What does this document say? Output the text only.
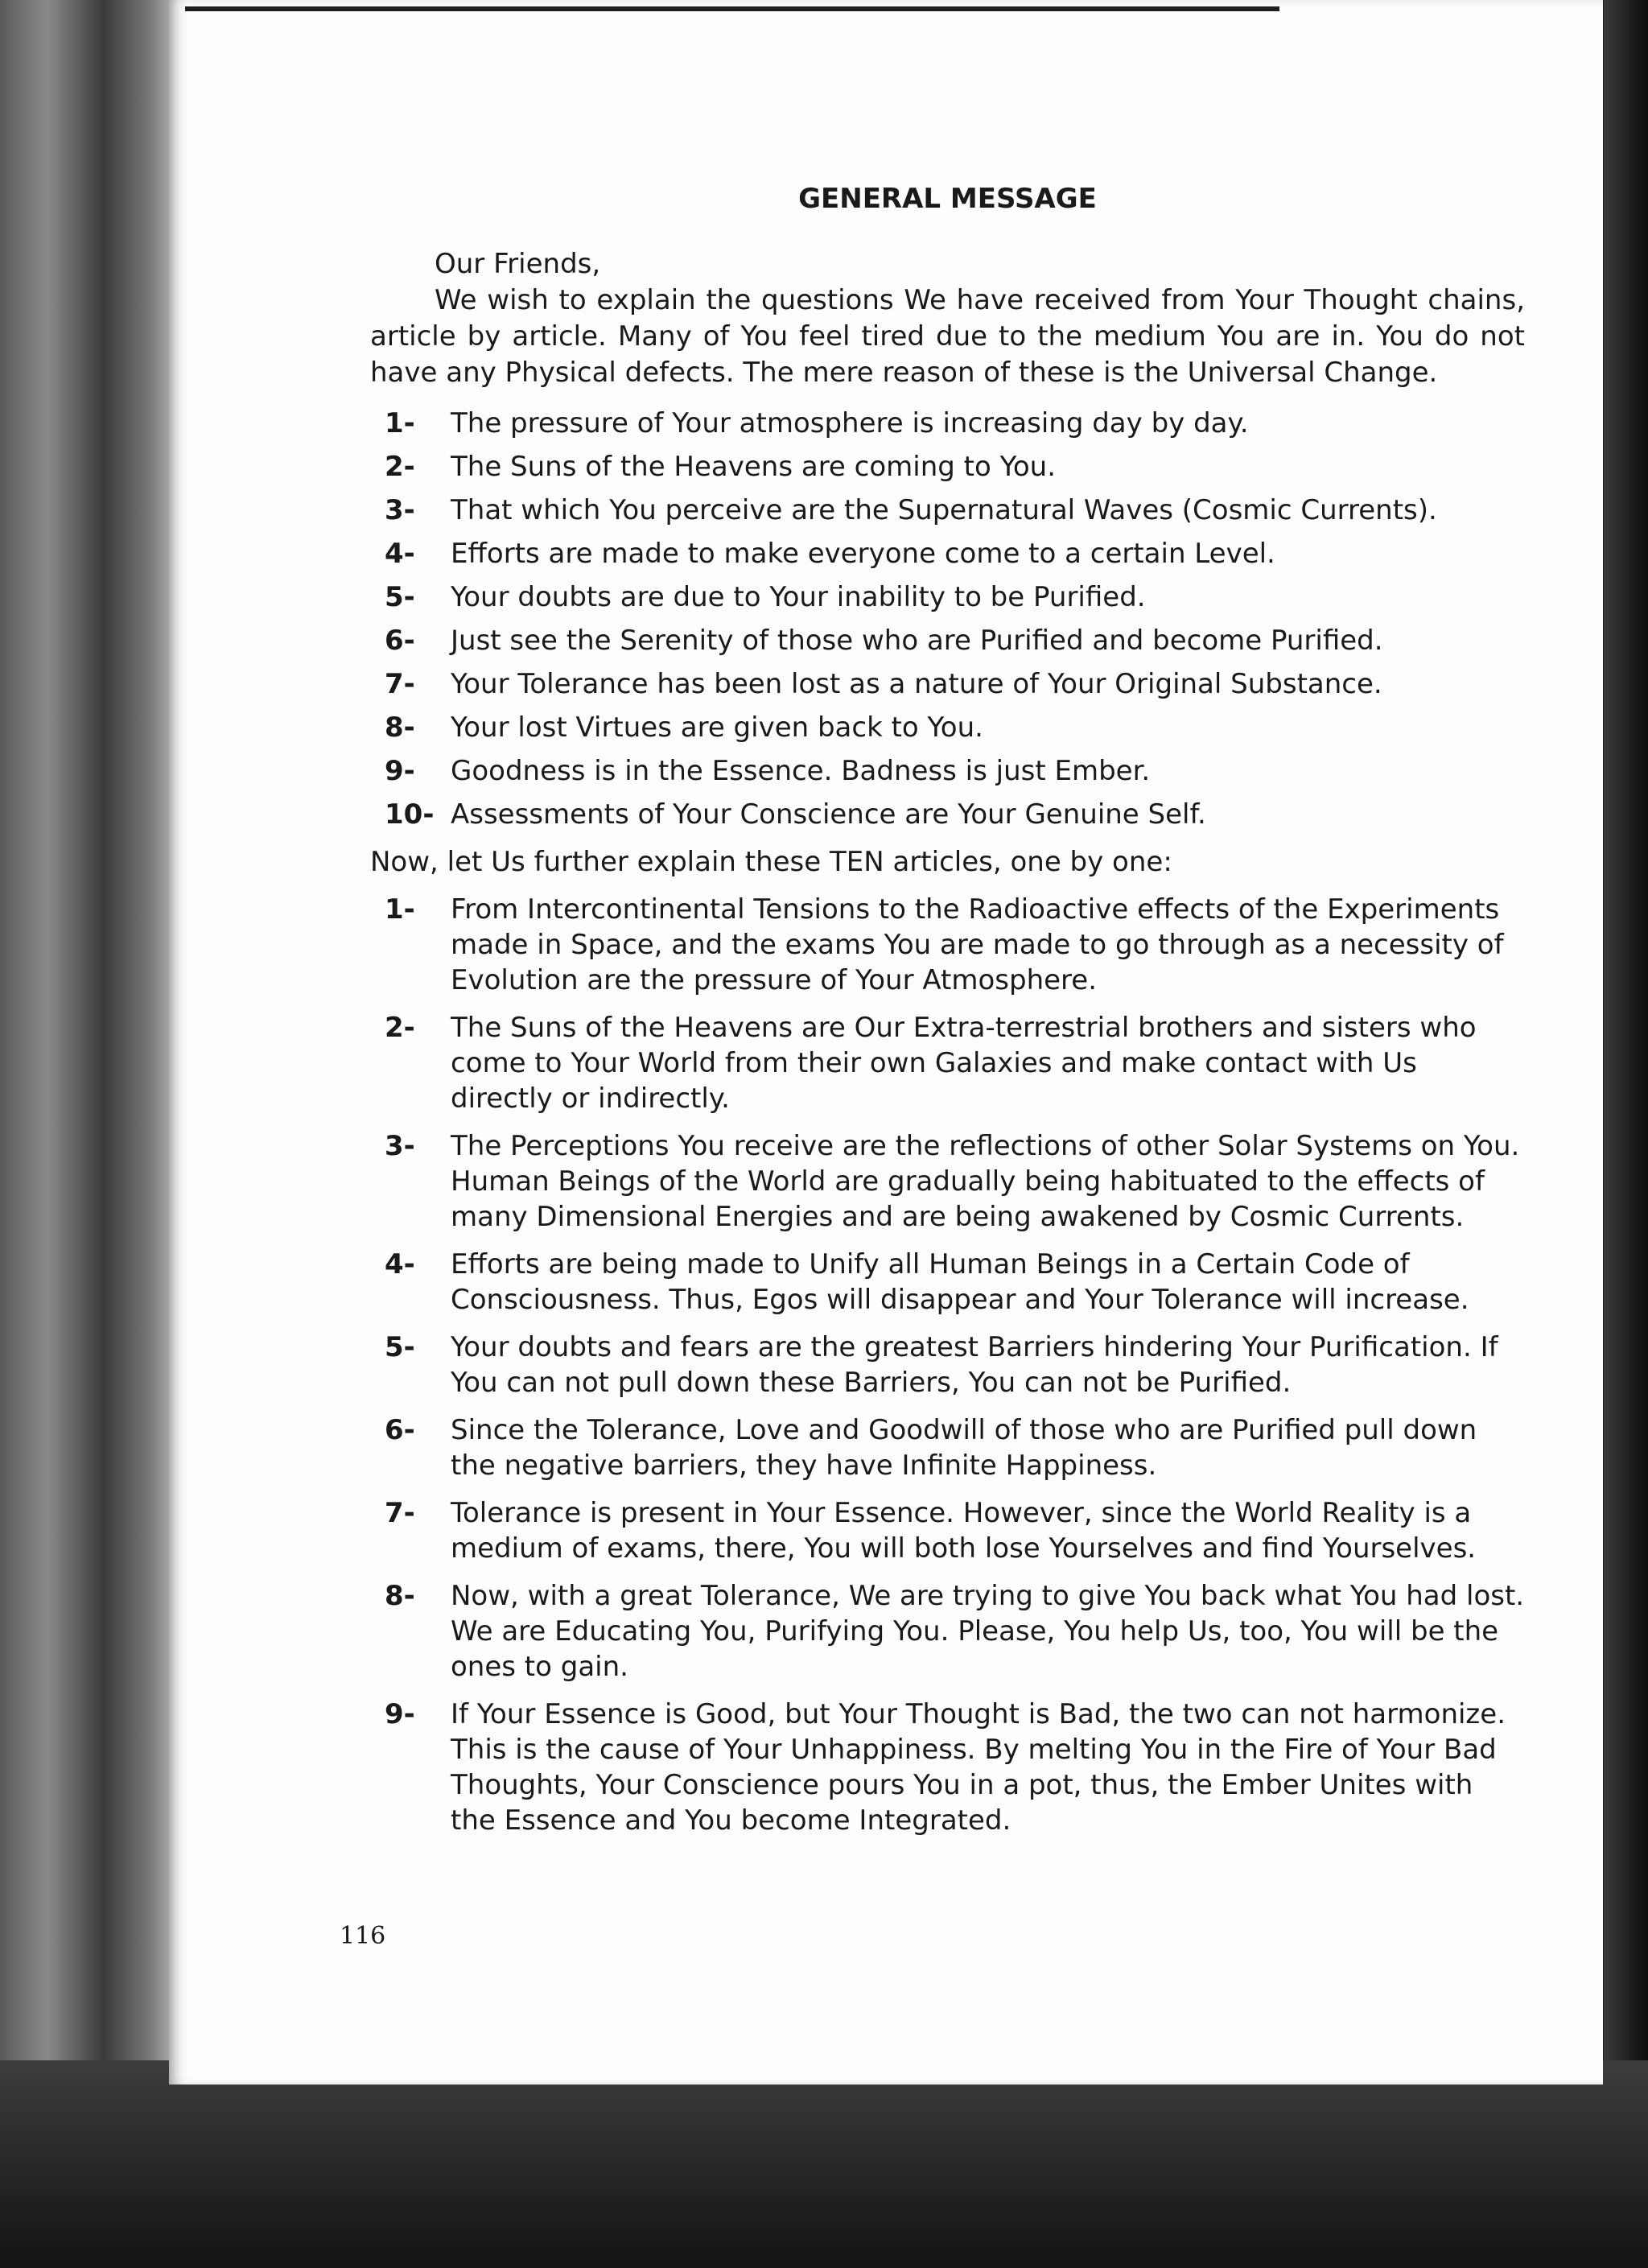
GENERAL MESSAGE
Our Friends,

We wish to explain the questions We have received from Your Thought chains, article by article. Many of You feel tired due to the medium You are in. You do not have any Physical defects. The mere reason of these is the Universal Change.

1- The pressure of Your atmosphere is increasing day by day.
2- The Suns of the Heavens are coming to You.
3- That which You perceive are the Supernatural Waves (Cosmic Currents).
4- Efforts are made to make everyone come to a certain Level.
5- Your doubts are due to Your inability to be Purified.
6- Just see the Serenity of those who are Purified and become Purified.
7- Your Tolerance has been lost as a nature of Your Original Substance.
8- Your lost Virtues are given back to You.
9- Goodness is in the Essence. Badness is just Ember.
10- Assessments of Your Conscience are Your Genuine Self.

Now, let Us further explain these TEN articles, one by one:

1- From Intercontinental Tensions to the Radioactive effects of the Experiments made in Space, and the exams You are made to go through as a necessity of Evolution are the pressure of Your Atmosphere.
2- The Suns of the Heavens are Our Extra-terrestrial brothers and sisters who come to Your World from their own Galaxies and make contact with Us directly or indirectly.
3- The Perceptions You receive are the reflections of other Solar Systems on You. Human Beings of the World are gradually being habituated to the effects of many Dimensional Energies and are being awakened by Cosmic Currents.
4- Efforts are being made to Unify all Human Beings in a Certain Code of Consciousness. Thus, Egos will disappear and Your Tolerance will increase.
5- Your doubts and fears are the greatest Barriers hindering Your Purification. If You can not pull down these Barriers, You can not be Purified.
6- Since the Tolerance, Love and Goodwill of those who are Purified pull down the negative barriers, they have Infinite Happiness.
7- Tolerance is present in Your Essence. However, since the World Reality is a medium of exams, there, You will both lose Yourselves and find Yourselves.
8- Now, with a great Tolerance, We are trying to give You back what You had lost. We are Educating You, Purifying You. Please, You help Us, too, You will be the ones to gain.
9- If Your Essence is Good, but Your Thought is Bad, the two can not harmonize. This is the cause of Your Unhappiness. By melting You in the Fire of Your Bad Thoughts, Your Conscience pours You in a pot, thus, the Ember Unites with the Essence and You become Integrated.
116
